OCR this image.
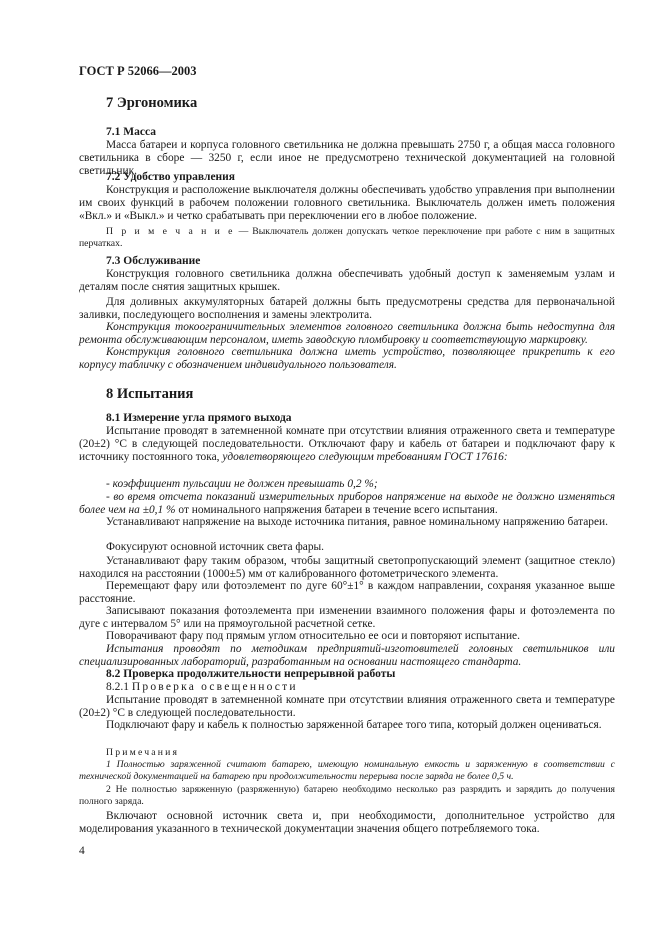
ГОСТ Р 52066—2003
7 Эргономика
7.1 Масса

Масса батареи и корпуса головного светильника не должна превышать 2750 г, а общая масса головного светильника в сборе — 3250 г, если иное не предусмотрено технической документацией на головной светильник.

7.2 Удобство управления

Конструкция и расположение выключателя должны обеспечивать удобство управления при выполнении им своих функций в рабочем положении головного светильника. Выключатель должен иметь положения «Вкл.» и «Выкл.» и четко срабатывать при переключении его в любое положение.

П р и м е ч а н и е — Выключатель должен допускать четкое переключение при работе с ним в защитных перчатках.

7.3 Обслуживание

Конструкция головного светильника должна обеспечивать удобный доступ к заменяемым узлам и деталям после снятия защитных крышек.

Для доливных аккумуляторных батарей должны быть предусмотрены средства для первоначальной заливки, последующего восполнения и замены электролита.

Конструкция токоограничительных элементов головного светильника должна быть недоступна для ремонта обслуживающим персоналом, иметь заводскую пломбировку и соответствующую маркировку.

Конструкция головного светильника должна иметь устройство, позволяющее прикрепить к его корпусу табличку с обозначением индивидуального пользователя.

8 Испытания
8.1 Измерение угла прямого выхода

Испытание проводят в затемненной комнате при отсутствии влияния отраженного света и температуре (20±2) °С в следующей последовательности. Отключают фару и кабель от батареи и подключают фару к источнику постоянного тока, удовлетворяющего следующим требованиям ГОСТ 17616:

- коэффициент пульсации не должен превышать 0,2 %;

- во время отсчета показаний измерительных приборов напряжение на выходе не должно изменяться более чем на ±0,1 % от номинального напряжения батареи в течение всего испытания.

Устанавливают напряжение на выходе источника питания, равное номинальному напряжению батареи.

Фокусируют основной источник света фары.

Устанавливают фару таким образом, чтобы защитный светопропускающий элемент (защитное стекло) находился на расстоянии (1000±5) мм от калиброванного фотометрического элемента.

Перемещают фару или фотоэлемент по дуге 60°±1° в каждом направлении, сохраняя указанное выше расстояние.

Записывают показания фотоэлемента при изменении взаимного положения фары и фотоэлемента по дуге с интервалом 5° или на прямоугольной расчетной сетке.

Поворачивают фару под прямым углом относительно ее оси и повторяют испытание.

Испытания проводят по методикам предприятий-изготовителей головных светильников или специализированных лабораторий, разработанным на основании настоящего стандарта.

8.2 Проверка продолжительности непрерывной работы
8.2.1 Проверка освещенности

Испытание проводят в затемненной комнате при отсутствии влияния отраженного света и температуре (20±2) °С в следующей последовательности.

Подключают фару и кабель к полностью заряженной батарее того типа, который должен оцениваться.

Примечания

1 Полностью заряженной считают батарею, имеющую номинальную емкость и заряженную в соответствии с технической документацией на батарею при продолжительности перерыва после заряда не более 0,5 ч.

2 Не полностью заряженную (разряженную) батарею необходимо несколько раз разрядить и зарядить до получения полного заряда.

Включают основной источник света и, при необходимости, дополнительное устройство для моделирования указанного в технической документации значения общего потребляемого тока.

4
